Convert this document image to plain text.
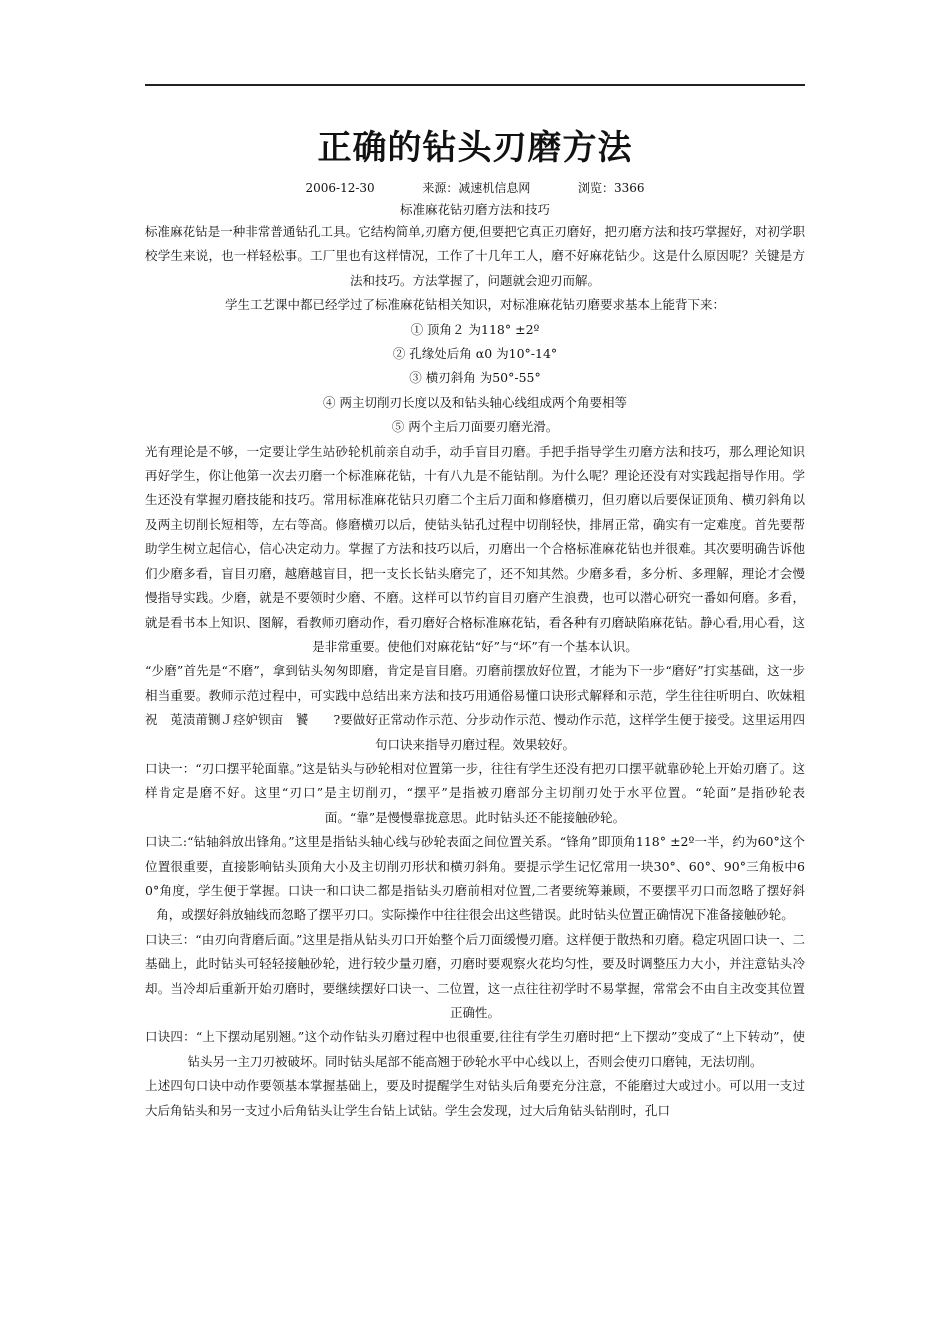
正确的钻头刃磨方法
2006-12-30	来源：减速机信息网	浏览：3366
标准麻花钻刃磨方法和技巧

标准麻花钻是一种非常普通钻孔工具。它结构简单,刃磨方便,但要把它真正刃磨好，把刃磨方法和技巧掌握好，对初学职校学生来说，也一样轻松事。工厂里也有这样情况，工作了十几年工人，磨不好麻花钻少。这是什么原因呢？关键是方法和技巧。方法掌握了，问题就会迎刃而解。

学生工艺课中都已经学过了标准麻花钻相关知识，对标准麻花钻刃磨要求基本上能背下来：

① 顶角２ 为118° ±2º

② 孔缘处后角 α0 为10°-14°

③ 横刃斜角 为50°-55°

④ 两主切削刃长度以及和钻头轴心线组成两个角要相等

⑤ 两个主后刀面要刃磨光滑。

光有理论是不够，一定要让学生站砂轮机前亲自动手，动手盲目刃磨。手把手指导学生刃磨方法和技巧，那么理论知识再好学生，你让他第一次去刃磨一个标准麻花钻，十有八九是不能钻削。为什么呢？理论还没有对实践起指导作用。学生还没有掌握刃磨技能和技巧。常用标准麻花钻只刃磨二个主后刀面和修磨横刃，但刃磨以后要保证顶角、横刃斜角以及两主切削长短相等，左右等高。修磨横刃以后，使钻头钻孔过程中切削轻快，排屑正常，确实有一定难度。首先要帮助学生树立起信心，信心决定动力。掌握了方法和技巧以后，刃磨出一个合格标准麻花钻也并很难。其次要明确告诉他们少磨多看，盲目刃磨，越磨越盲目，把一支长长钻头磨完了，还不知其然。少磨多看，多分析、多理解，理论才会慢慢指导实践。少磨，就是不要领时少磨、不磨。这样可以节约盲目刃磨产生浪费，也可以潜心研究一番如何磨。多看，就是看书本上知识、图解，看教师刃磨动作，看刃磨好合格标准麻花钻，看各种有刃磨缺陷麻花钻。静心看,用心看，这是非常重要。使他们对麻花钻“好”与“坏”有一个基本认识。

“少磨”首先是“不磨”，拿到钻头匆匆即磨，肯定是盲目磨。刃磨前摆放好位置，才能为下一步“磨好”打实基础，这一步相当重要。教师示范过程中，可实践中总结出来方法和技巧用通俗易懂口诀形式解释和示范，学生往往听明白、吹妹粗祝　莵渍莆铡Ｊ痉妒钡亩　饕　　?要做好正常动作示范、分步动作示范、慢动作示范，这样学生便于接受。这里运用四句口诀来指导刃磨过程。效果较好。

口诀一：“刃口摆平轮面靠。”这是钻头与砂轮相对位置第一步，往往有学生还没有把刃口摆平就靠砂轮上开始刃磨了。这样肯定是磨不好。这里“刃口”是主切削刃，“摆平”是指被刃磨部分主切削刃处于水平位置。“轮面”是指砂轮表面。“靠”是慢慢靠拢意思。此时钻头还不能接触砂轮。

口诀二:“钻轴斜放出锋角。”这里是指钻头轴心线与砂轮表面之间位置关系。“锋角”即顶角118° ±2º一半，约为60°这个位置很重要，直接影响钻头顶角大小及主切削刃形状和横刃斜角。要提示学生记忆常用一块30°、60°、90°三角板中60°角度，学生便于掌握。口诀一和口诀二都是指钻头刃磨前相对位置,二者要统筹兼顾，不要摆平刃口而忽略了摆好斜角，或摆好斜放轴线而忽略了摆平刃口。实际操作中往往很会出这些错误。此时钻头位置正确情况下准备接触砂轮。

口诀三：“由刃向背磨后面。”这里是指从钻头刃口开始整个后刀面缓慢刃磨。这样便于散热和刃磨。稳定巩固口诀一、二基础上，此时钻头可轻轻接触砂轮，进行较少量刃磨，刃磨时要观察火花均匀性，要及时调整压力大小，并注意钻头冷却。当冷却后重新开始刃磨时，要继续摆好口诀一、二位置，这一点往往初学时不易掌握，常常会不由自主改变其位置正确性。

口诀四：“上下摆动尾别翘。”这个动作钻头刃磨过程中也很重要,往往有学生刃磨时把“上下摆动”变成了“上下转动”，使钻头另一主刀刃被破坏。同时钻头尾部不能高翘于砂轮水平中心线以上，否则会使刃口磨钝，无法切削。

上述四句口诀中动作要领基本掌握基础上，要及时提醒学生对钻头后角要充分注意，不能磨过大或过小。可以用一支过大后角钻头和另一支过小后角钻头让学生台钻上试钻。学生会发现，过大后角钻头钻削时，孔口
